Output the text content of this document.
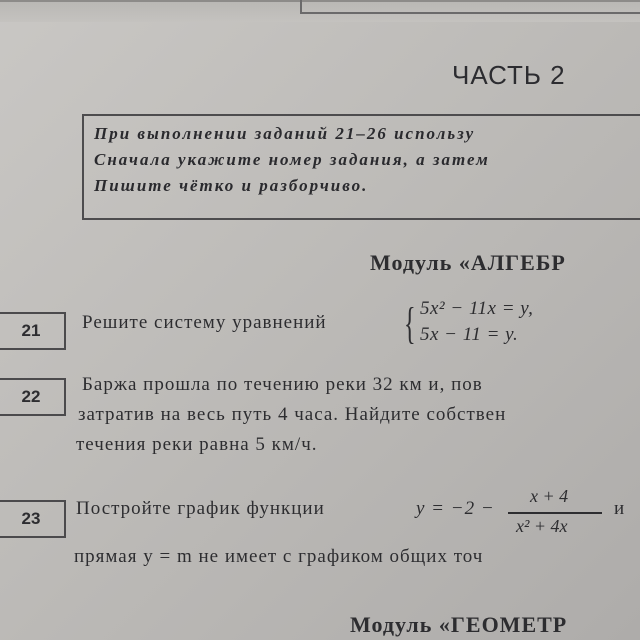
ЧАСТЬ 2
При выполнении заданий 21–26 использу
Сначала укажите номер задания, а затем
Пишите чётко и разборчиво.
Модуль «АЛГЕБР
21 Решите систему уравнений { 5x² − 11x = y,
5x − 11 = y.
22
Баржа прошла по течению реки 32 км и, пов
затратив на весь путь 4 часа. Найдите собствен
течения реки равна 5 км/ч.
23 Постройте график функции	y = −2 −
x + 4
x² + 4x
и
прямая y = m не имеет с графиком общих точ
Модуль «ГЕОМЕТР
